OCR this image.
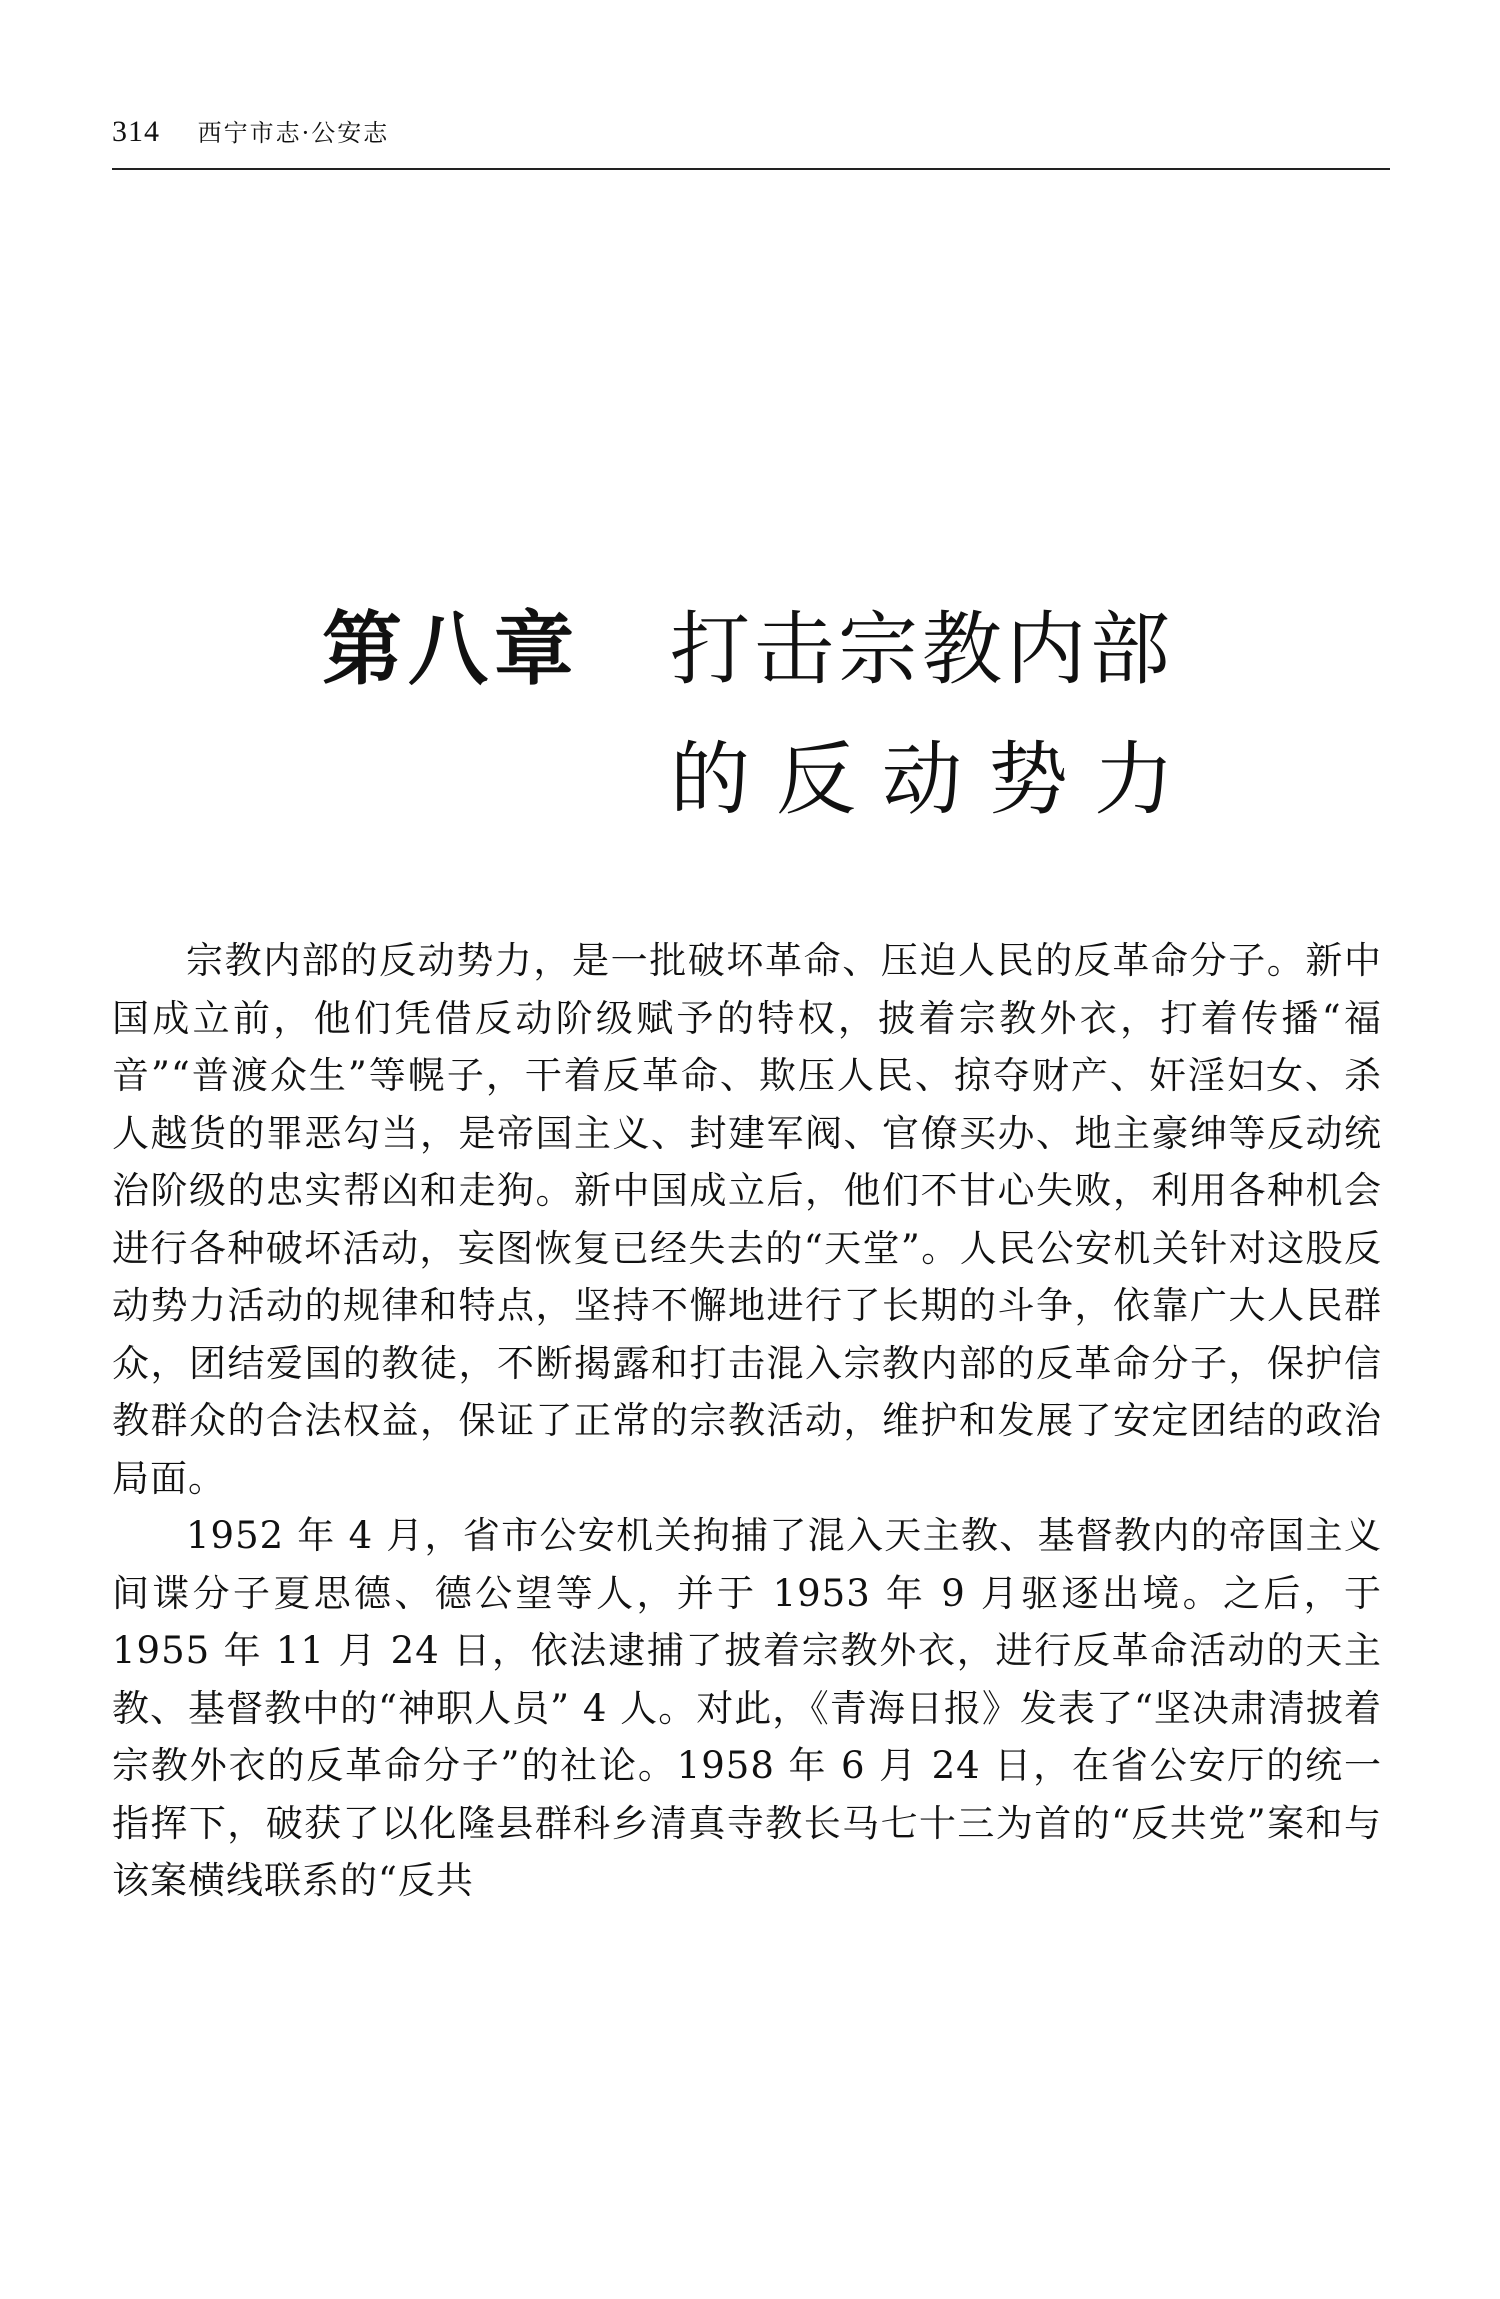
314 西宁市志·公安志
第八章 打击宗教内部
的反动势力

宗教内部的反动势力，是一批破坏革命、压迫人民的反革命分子。新中国成立前，他们凭借反动阶级赋予的特权，披着宗教外衣，打着传播“福音”“普渡众生”等幌子，干着反革命、欺压人民、掠夺财产、奸淫妇女、杀人越货的罪恶勾当，是帝国主义、封建军阀、官僚买办、地主豪绅等反动统治阶级的忠实帮凶和走狗。新中国成立后，他们不甘心失败，利用各种机会进行各种破坏活动，妄图恢复已经失去的“天堂”。人民公安机关针对这股反动势力活动的规律和特点，坚持不懈地进行了长期的斗争，依靠广大人民群众，团结爱国的教徒，不断揭露和打击混入宗教内部的反革命分子，保护信教群众的合法权益，保证了正常的宗教活动，维护和发展了安定团结的政治局面。

1952 年 4 月，省市公安机关拘捕了混入天主教、基督教内的帝国主义间谍分子夏思德、德公望等人，并于 1953 年 9 月驱逐出境。之后，于 1955 年 11 月 24 日，依法逮捕了披着宗教外衣，进行反革命活动的天主教、基督教中的“神职人员” 4 人。对此，《青海日报》发表了“坚决肃清披着宗教外衣的反革命分子”的社论。1958 年 6 月 24 日，在省公安厅的统一指挥下，破获了以化隆县群科乡清真寺教长马七十三为首的“反共党”案和与该案横线联系的“反共
